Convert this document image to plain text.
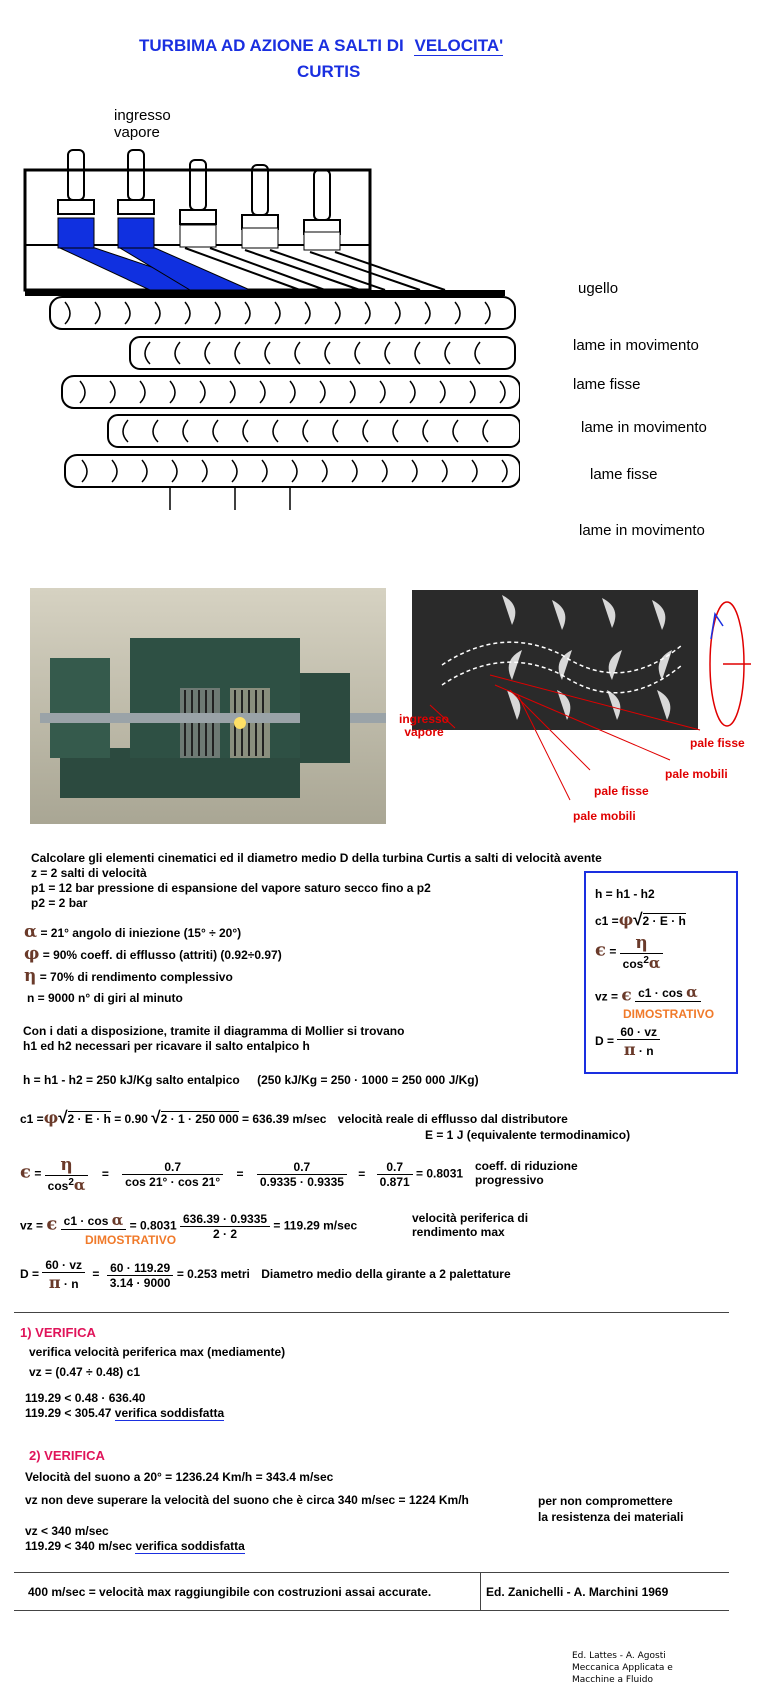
TURBIMA AD AZIONE A SALTI DI VELOCITA'
CURTIS
ingresso
vapore
ugello
lame in movimento
lame fisse
lame in movimento
lame fisse
lame in movimento
ingresso
vapore
pale fisse
pale mobili
pale fisse
pale mobili
Calcolare gli elementi cinematici ed il diametro medio D della turbina Curtis a salti di velocità avente
z = 2 salti di velocità
p1 = 12 bar pressione di espansione del vapore saturo secco fino a p2
p2 = 2 bar
α = 21° angolo di iniezione (15° ÷ 20°)
φ = 90% coeff. di efflusso (attriti) (0.92÷0.97)
η = 70% di rendimento complessivo
n = 9000 n° di giri al minuto
h = h1 - h2
c1 =φ√2 · E · h
$\epsilon = \frac{\eta}{\cos^2\alpha}$
vz = ϵ c1 · cos α
DIMOSTRATIVO
$D = \frac{60 \cdot vz}{\pi \cdot n}$
Con i dati a disposizione, tramite il diagramma di Mollier si trovano
h1 ed h2 necessari per ricavare il salto entalpico h
h = h1 - h2 = 250 kJ/Kg salto entalpico (250 kJ/Kg = 250 · 1000 = 250 000 J/Kg)
c1 =φ√2 · E · h = 0.90 √2 · 1 · 250 000 = 636.39 m/sec velocità reale di efflusso dal distributore
E = 1 J (equivalente termodinamico)
$\epsilon = \frac{\eta}{\cos^2\alpha} = \frac{0.7}{\cos 21^\circ \cdot \cos 21^\circ} = \frac{0.7}{0.9335 \cdot 0.9335} = \frac{0.7}{0.871} = 0.8031$
coeff. di riduzione
progressivo
vz = ϵ $c1 \cdot \cos \alpha = 0.8031 \frac{636.39 \cdot 0.9335}{2 \cdot 2} = 119.29$ m/sec
DIMOSTRATIVO
velocità periferica di
rendimento max
$D = \frac{60 \cdot vz}{\pi \cdot n} = \frac{60 \cdot 119.29}{3.14 \cdot 9000} = 0.253$ metri Diametro medio della girante a 2 palettature
1) VERIFICA
verifica velocità periferica max (mediamente)
vz = (0.47 ÷ 0.48) c1
119.29 < 0.48 · 636.40
119.29 < 305.47 verifica soddisfatta
2) VERIFICA
Velocità del suono a 20° = 1236.24 Km/h = 343.4 m/sec
vz non deve superare la velocità del suono che è circa 340 m/sec = 1224 Km/h	per non compromettere
la resistenza dei materiali
vz < 340 m/sec
119.29 < 340 m/sec verifica soddisfatta
400 m/sec = velocità max raggiungibile con costruzioni assai accurate.	Ed. Zanichelli - A. Marchini 1969
Ed. Lattes - A. Agosti
Meccanica Applicata e
Macchine a Fluido
